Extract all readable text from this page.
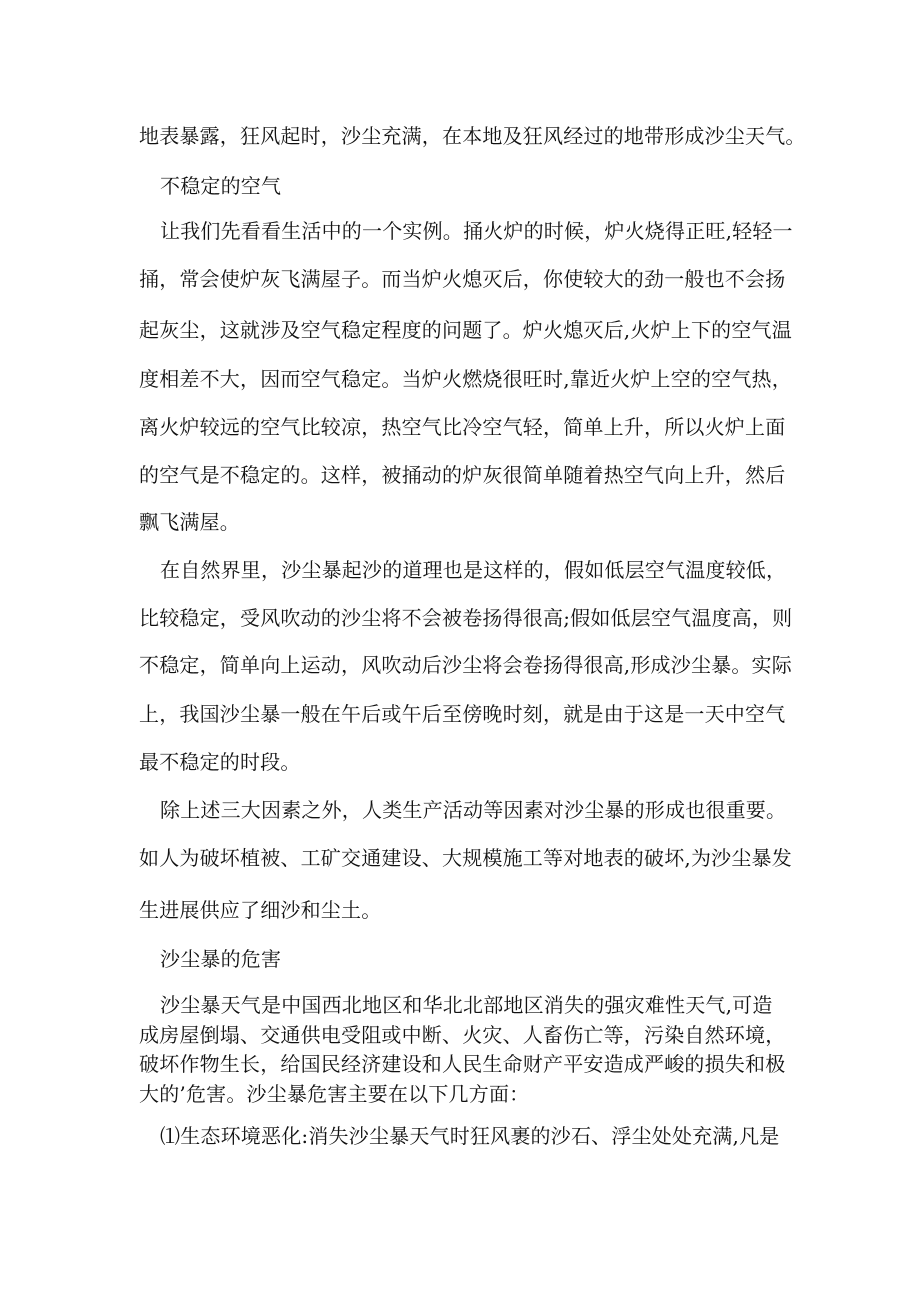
地表暴露，狂风起时，沙尘充满，在本地及狂风经过的地带形成沙尘天气。
不稳定的空气
让我们先看看生活中的一个实例。捅火炉的时候，炉火烧得正旺,轻轻一
捅，常会使炉灰飞满屋子。而当炉火熄灭后，你使较大的劲一般也不会扬
起灰尘，这就涉及空气稳定程度的问题了。炉火熄灭后,火炉上下的空气温
度相差不大，因而空气稳定。当炉火燃烧很旺时,靠近火炉上空的空气热，
离火炉较远的空气比较凉，热空气比冷空气轻，简单上升，所以火炉上面
的空气是不稳定的。这样，被捅动的炉灰很简单随着热空气向上升，然后
飘飞满屋。
在自然界里，沙尘暴起沙的道理也是这样的，假如低层空气温度较低，
比较稳定，受风吹动的沙尘将不会被卷扬得很高;假如低层空气温度高，则
不稳定，简单向上运动，风吹动后沙尘将会卷扬得很高,形成沙尘暴。实际
上，我国沙尘暴一般在午后或午后至傍晚时刻，就是由于这是一天中空气
最不稳定的时段。
除上述三大因素之外，人类生产活动等因素对沙尘暴的形成也很重要。
如人为破坏植被、工矿交通建设、大规模施工等对地表的破坏,为沙尘暴发
生进展供应了细沙和尘土。
沙尘暴的危害
沙尘暴天气是中国西北地区和华北北部地区消失的强灾难性天气,可造
成房屋倒塌、交通供电受阻或中断、火灾、人畜伤亡等，污染自然环境，
破坏作物生长，给国民经济建设和人民生命财产平安造成严峻的损失和极
大的’危害。沙尘暴危害主要在以下几方面：
⑴生态环境恶化:消失沙尘暴天气时狂风裹的沙石、浮尘处处充满,凡是
